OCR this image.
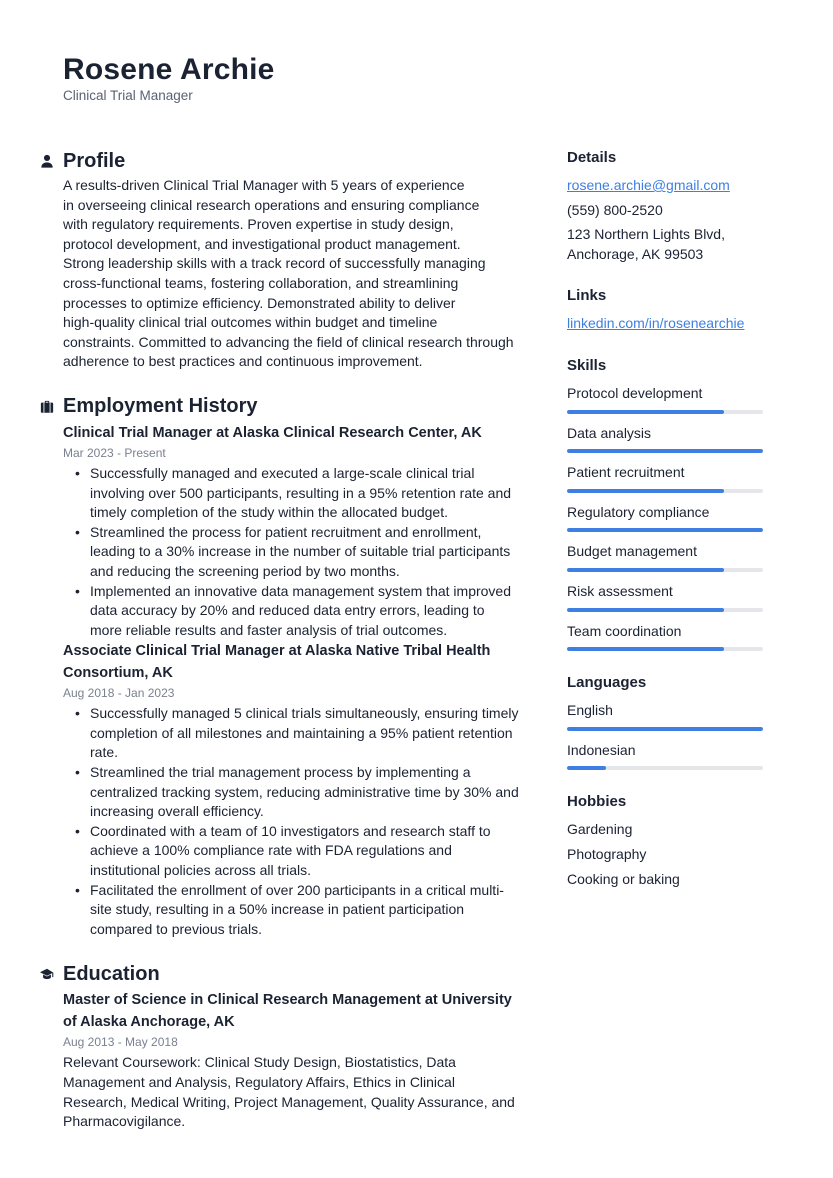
Rosene Archie
Clinical Trial Manager
Profile
A results-driven Clinical Trial Manager with 5 years of experience
in overseeing clinical research operations and ensuring compliance
with regulatory requirements. Proven expertise in study design,
protocol development, and investigational product management.
Strong leadership skills with a track record of successfully managing
cross-functional teams, fostering collaboration, and streamlining
processes to optimize efficiency. Demonstrated ability to deliver
high-quality clinical trial outcomes within budget and timeline
constraints. Committed to advancing the field of clinical research through
adherence to best practices and continuous improvement.
Employment History
Clinical Trial Manager at Alaska Clinical Research Center, AK
Mar 2023 - Present
• Successfully managed and executed a large-scale clinical trial involving over 500 participants, resulting in a 95% retention rate and timely completion of the study within the allocated budget.
• Streamlined the process for patient recruitment and enrollment, leading to a 30% increase in the number of suitable trial participants and reducing the screening period by two months.
• Implemented an innovative data management system that improved data accuracy by 20% and reduced data entry errors, leading to more reliable results and faster analysis of trial outcomes.
Associate Clinical Trial Manager at Alaska Native Tribal Health Consortium, AK
Aug 2018 - Jan 2023
• Successfully managed 5 clinical trials simultaneously, ensuring timely completion of all milestones and maintaining a 95% patient retention rate.
• Streamlined the trial management process by implementing a centralized tracking system, reducing administrative time by 30% and increasing overall efficiency.
• Coordinated with a team of 10 investigators and research staff to achieve a 100% compliance rate with FDA regulations and institutional policies across all trials.
• Facilitated the enrollment of over 200 participants in a critical multi-site study, resulting in a 50% increase in patient participation compared to previous trials.
Education
Master of Science in Clinical Research Management at University of Alaska Anchorage, AK
Aug 2013 - May 2018
Relevant Coursework: Clinical Study Design, Biostatistics, Data Management and Analysis, Regulatory Affairs, Ethics in Clinical Research, Medical Writing, Project Management, Quality Assurance, and Pharmacovigilance.
Details
rosene.archie@gmail.com
(559) 800-2520
123 Northern Lights Blvd,
Anchorage, AK 99503
Links
linkedin.com/in/rosenearchie
Skills
Protocol development
Data analysis
Patient recruitment
Regulatory compliance
Budget management
Risk assessment
Team coordination
Languages
English
Indonesian
Hobbies
Gardening
Photography
Cooking or baking
